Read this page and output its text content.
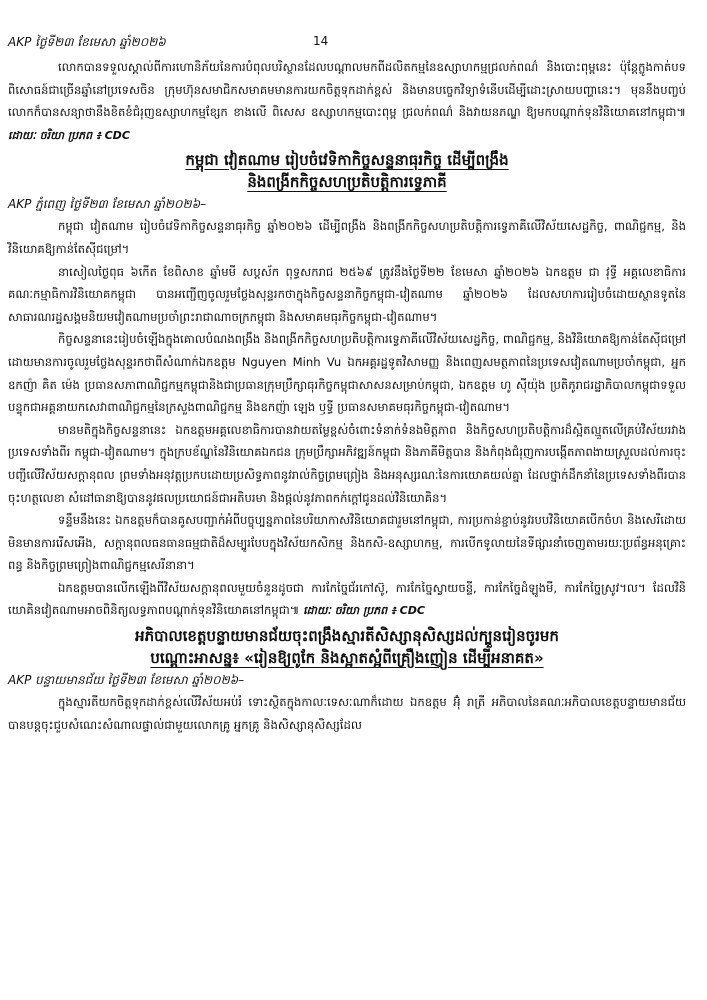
AKP ថ្ងៃទី២៣ ខែមេសា ឆ្នាំ២០២៦	14

លោកបានទទួលស្គាល់ពីការហោនិភ័យនៃការបំពុលបរិស្ថានដែលបណ្តាលមកពីដលិតកម្មនៃឧស្សាហកម្មជ្រលក់ពណ៌ និងបោះពុម្ពនេះ ប៉ុន្តែក្លូងកាត់បទពិសោធន៍ជាច្រើនឆ្នាំនៅប្រទេសចិន ក្រុមហ៊ុនសមាជិកសមាគមមានការយកចិត្តទុកដាក់ខ្ពស់ និងមានបច្ចេកវិទ្យាទំនើបដើម្បីដោះស្រាយបញ្ហានេះ។ មុននឹងបញ្ចប់ លោកក៏បានសន្យាថានឹងខិតខំជំរុញឧស្សាហកម្មខ្សែក ខាងលើ ពិសេស ឧស្សាហកម្មបោះពុម្ព ជ្រលក់ពណ៌ និងវាយនភណ្ឌ ឱ្យមកបណ្ដាក់ទុនវិនិយោគនៅកម្ពុជា៕ ដោយៈ ចរិយា ប្រភព ៖ CDC

កម្ពុជា វៀតណាម រៀបចំវេទិកាកិច្ចសន្ទនាធុរកិច្ច ដើម្បីពង្រឹង
និងពង្រីកកិច្ចសហប្រតិបត្តិការទ្វេភាគី

AKP ភ្នំពេញ ថ្ងៃទី២៣ ខែមេសា ឆ្នាំ២០២៦–

កម្ពុជា វៀតណាម រៀបចំវេទិកាកិច្ចសន្ទនាធុរកិច្ច ឆ្នាំ២០២៦ ដើម្បីពង្រឹង និងពង្រីកកិច្ចសហប្រតិបត្តិការទ្វេភាគីលើវិស័យសេដ្ឋកិច្ច, ពាណិជ្ជកម្ម, និងវិនិយោគឱ្យកាន់តែស៊ីជម្រៅ។

នាសៀលថ្ងៃពុធ ៦កើត ខែពិសាខ ឆ្នាំមមី សប្តស័ក ពុទ្ធសករាជ ២៥៦៩ ត្រូវនឹងថ្ងៃទី២២ ខែមេសា ឆ្នាំ២០២៦ ឯកឧត្តម ជា វុទ្ធី អគ្គលេខាធិការគណៈកម្មាធិការវិនិយោគកម្ពុជា បានអញ្ជើញចូលរួមថ្លែងសុន្ទរកថាក្នុងកិច្ចសន្ទនាកិច្ចកម្ពុជា-វៀតណាម ឆ្នាំ២០២៦ ដែលសហការរៀបចំដោយស្ថានទូតនៃសាធារណរដ្ឋសង្គមនិយមវៀតណាមប្រចាំព្រះរាជាណាចក្រកម្ពុជា និងសមាគមធុរកិច្ចកម្ពុជា-វៀតណាម។

កិច្ចសន្ទនានេះរៀបចំឡើងក្នុងគោលបំណងពង្រឹង និងពង្រីកកិច្ចសហប្រតិបត្តិការទ្វេភាគីលើវិស័យសេដ្ឋកិច្ច, ពាណិជ្ជកម្ម, និងវិនិយោគឱ្យកាន់តែស៊ីជម្រៅ ដោយមានការចូលរួមថ្លែងសុន្ទរកថាពីសំណាក់ឯកឧត្តម Nguyen Minh Vu ឯកអគ្គរដ្ឋទូតវិសាមញ្ញ និងពេញសមត្ថភាពនៃប្រទេសវៀតណាមប្រចាំកម្ពុជា, អ្នកឧកញ៉ា គិត ម៉េង ប្រធានសភាពាណិជ្ជកម្មកម្ពុជានិងជាប្រធានក្រុមប្រឹក្សាធុរកិច្ចកម្ពុជាសាសនសម្រាប់កម្ពុជា, ឯកឧត្តម ហូ ស៊ីយ៉ុង ប្រតិភូរាជរដ្ឋាភិបាលកម្ពុជាទទួលបន្ទុកជាអគ្គនាយកសេវាពាណិជ្ជកម្មនៃក្រសួងពាណិជ្ជកម្ម និងឧកញ៉ា ឡេង ឫទ្ធី ប្រធានសមាគមធុរកិច្ចកម្ពុជា-វៀតណាម។

មានមតិក្នុងកិច្ចសន្ទនានេះ ឯកឧត្តមអគ្គលេខាធិការបានវាយតម្លៃខ្ពស់ចំពោះទំនាក់ទំនងមិត្តភាព និងកិច្ចសហប្រតិបត្តិការដ៏ស្អិតល្មួតលើគ្រប់វិស័យរវាងប្រទេសទាំងពីរ កម្ពុជា-វៀតណាម។ ក្នុងក្របខ័ណ្ឌនៃវិនិយោគឯកជន ក្រុមប្រឹក្សាអភិវឌ្ឍន៍កម្ពុជា និងភាគីមិត្តបាន និងកំពុងជំរុញការបង្កើតភាពងាយស្រួលដល់ការចុះបញ្ជីលើវិស័យសក្តានុពល ព្រមទាំងអនុវត្តប្រកបដោយប្រសិទ្ធភាពនូវរាល់កិច្ចព្រមព្រៀង និងអនុស្សរណៈនៃការយោគយល់គ្នា ដែលថ្នាក់ដឹកនាំនៃប្រទេសទាំងពីរបានចុះហត្ថលេខា សំដៅធានាឱ្យបាននូវផលប្រយោជន៍ជាអតិបរមា និងផ្តល់នូវភាពកក់ក្តៅជូនដល់វិនិយោគិន។

ទន្ទឹមនឹងនេះ ឯកឧត្តមក៏បានគូសបញ្ជាក់អំពីបច្ចុប្បន្នភាពនៃបរិយាកាសវិនិយោគជារួមនៅកម្ពុជា, ការប្រកាន់ខ្ជាប់នូវរបបវិនិយោគបើកចំហ និងសេរីដោយមិនមានការរើសអើង, សក្តានុពលធនធានធម្មជាតិដ៏សម្បូរបែបក្នុងវិស័យកសិកម្ម និងកសិ-ឧស្សាហកម្ម, ការបើកទូលាយនៃទីផ្សារនាំចេញតាមរយៈប្រព័ន្ធអនុគ្រោះពន្ធ និងកិច្ចព្រមព្រៀងពាណិជ្ជកម្មសេរីនានា។

ឯកឧត្តមបានលើកឡើងពីវិស័យសក្តានុពលមួយចំនួនដូចជា ការកែច្នៃជ័រកៅស៊ូ, ការកែច្នៃស្វាយចន្ទី, ការកែច្នៃដំឡូងមី, ការកែច្នៃស្រូវ។ល។ ដែលវិនិយោគិនវៀតណាមអាចពិនិត្យលទ្ធភាពបណ្តាក់ទុនវិនិយោគនៅកម្ពុជា៕ ដោយៈ ចរិយា ប្រភព ៖ CDC

អភិបាលខេត្តបន្ទាយមានជ័យចុះពង្រឹងស្មារតីសិស្សានុសិស្សដល់ក្បួនរៀនចូរមក
បណ្តោះអាសន្ន៖ «រៀនឱ្យពូកែ និងស្អាតស្អំពីគ្រឿងញៀន ដើម្បីអនាគត»

AKP បន្ទាយមានជ័យ ថ្ងៃទី២៣ ខែមេសា ឆ្នាំ២០២៦–

ក្នុងស្មារតីយកចិត្តទុកដាក់ខ្ពស់លើវិស័យអប់រំ ទោះស្ថិតក្នុងកាលៈទេសៈណាក៏ដោយ ឯកឧត្តម អ៊ុំ រាត្រី អភិបាលនៃគណៈអភិបាលខេត្តបន្ទាយមានជ័យ បានបន្តចុះជួបសំណេះសំណាលផ្ទាល់ជាមួយលោកគ្រូ អ្នកគ្រូ និងសិស្សានុសិស្សដែល
